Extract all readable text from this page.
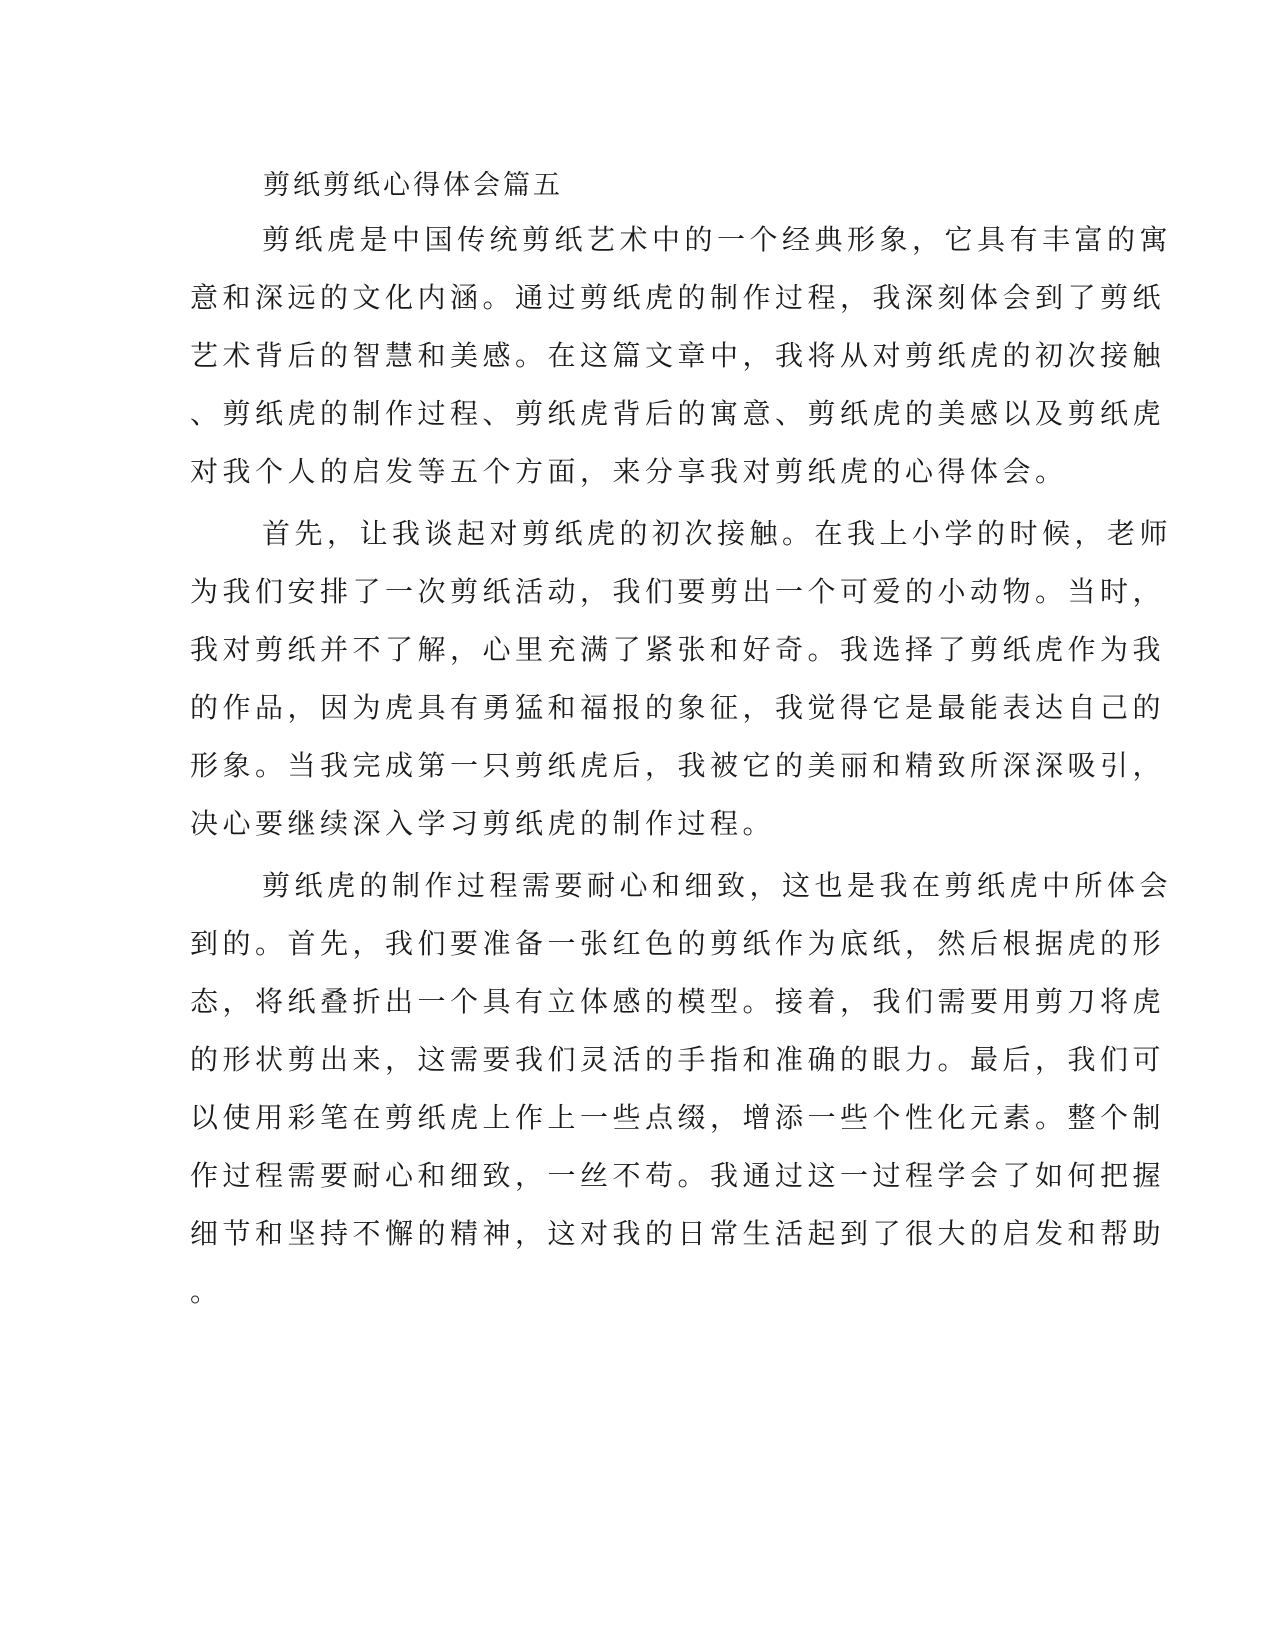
剪纸剪纸心得体会篇五
剪纸虎是中国传统剪纸艺术中的一个经典形象，它具有丰富的寓
意和深远的文化内涵。通过剪纸虎的制作过程，我深刻体会到了剪纸
艺术背后的智慧和美感。在这篇文章中，我将从对剪纸虎的初次接触
、剪纸虎的制作过程、剪纸虎背后的寓意、剪纸虎的美感以及剪纸虎
对我个人的启发等五个方面，来分享我对剪纸虎的心得体会。
首先，让我谈起对剪纸虎的初次接触。在我上小学的时候，老师
为我们安排了一次剪纸活动，我们要剪出一个可爱的小动物。当时，
我对剪纸并不了解，心里充满了紧张和好奇。我选择了剪纸虎作为我
的作品，因为虎具有勇猛和福报的象征，我觉得它是最能表达自己的
形象。当我完成第一只剪纸虎后，我被它的美丽和精致所深深吸引，
决心要继续深入学习剪纸虎的制作过程。
剪纸虎的制作过程需要耐心和细致，这也是我在剪纸虎中所体会
到的。首先，我们要准备一张红色的剪纸作为底纸，然后根据虎的形
态，将纸叠折出一个具有立体感的模型。接着，我们需要用剪刀将虎
的形状剪出来，这需要我们灵活的手指和准确的眼力。最后，我们可
以使用彩笔在剪纸虎上作上一些点缀，增添一些个性化元素。整个制
作过程需要耐心和细致，一丝不苟。我通过这一过程学会了如何把握
细节和坚持不懈的精神，这对我的日常生活起到了很大的启发和帮助
。
